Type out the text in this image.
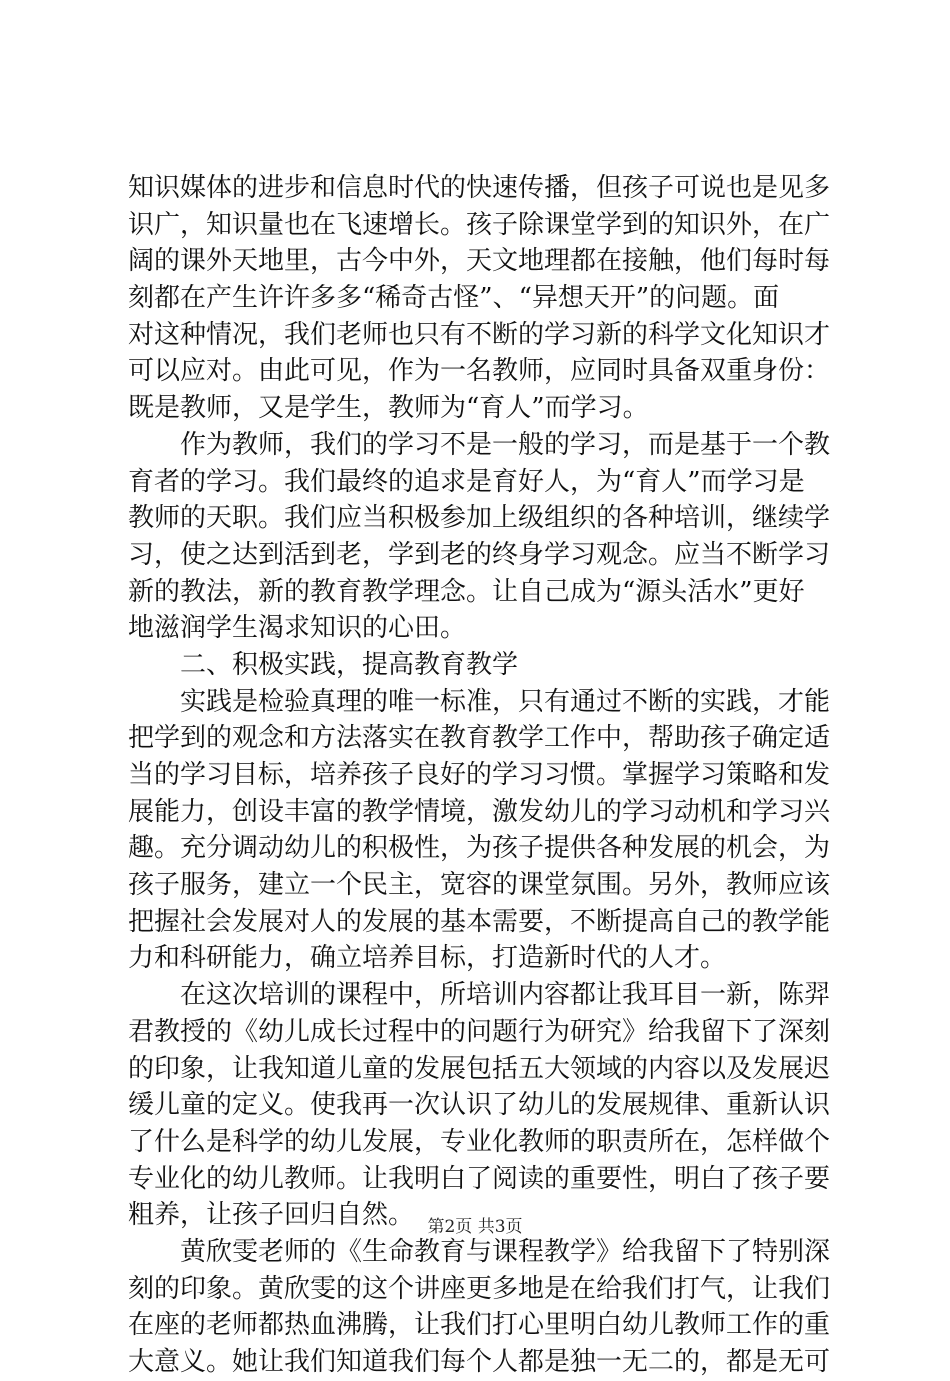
知识媒体的进步和信息时代的快速传播，但孩子可说也是见多
识广，知识量也在飞速增长。孩子除课堂学到的知识外，在广
阔的课外天地里，古今中外，天文地理都在接触，他们每时每
刻都在产生许许多多“稀奇古怪”、“异想天开”的问题。面
对这种情况，我们老师也只有不断的学习新的科学文化知识才
可以应对。由此可见，作为一名教师，应同时具备双重身份：
既是教师，又是学生，教师为“育人”而学习。
　　作为教师，我们的学习不是一般的学习，而是基于一个教
育者的学习。我们最终的追求是育好人，为“育人”而学习是
教师的天职。我们应当积极参加上级组织的各种培训，继续学
习，使之达到活到老，学到老的终身学习观念。应当不断学习
新的教法，新的教育教学理念。让自己成为“源头活水”更好
地滋润学生渴求知识的心田。
　　二、积极实践，提高教育教学
　　实践是检验真理的唯一标准，只有通过不断的实践，才能
把学到的观念和方法落实在教育教学工作中，帮助孩子确定适
当的学习目标，培养孩子良好的学习习惯。掌握学习策略和发
展能力，创设丰富的教学情境，激发幼儿的学习动机和学习兴
趣。充分调动幼儿的积极性，为孩子提供各种发展的机会，为
孩子服务，建立一个民主，宽容的课堂氛围。另外，教师应该
把握社会发展对人的发展的基本需要，不断提高自己的教学能
力和科研能力，确立培养目标，打造新时代的人才。
　　在这次培训的课程中，所培训内容都让我耳目一新，陈羿
君教授的《幼儿成长过程中的问题行为研究》给我留下了深刻
的印象，让我知道儿童的发展包括五大领域的内容以及发展迟
缓儿童的定义。使我再一次认识了幼儿的发展规律、重新认识
了什么是科学的幼儿发展，专业化教师的职责所在，怎样做个
专业化的幼儿教师。让我明白了阅读的重要性，明白了孩子要
粗养，让孩子回归自然。
　　黄欣雯老师的《生命教育与课程教学》给我留下了特别深
刻的印象。黄欣雯的这个讲座更多地是在给我们打气，让我们
在座的老师都热血沸腾，让我们打心里明白幼儿教师工作的重
大意义。她让我们知道我们每个人都是独一无二的，都是无可
第2页 共3页
